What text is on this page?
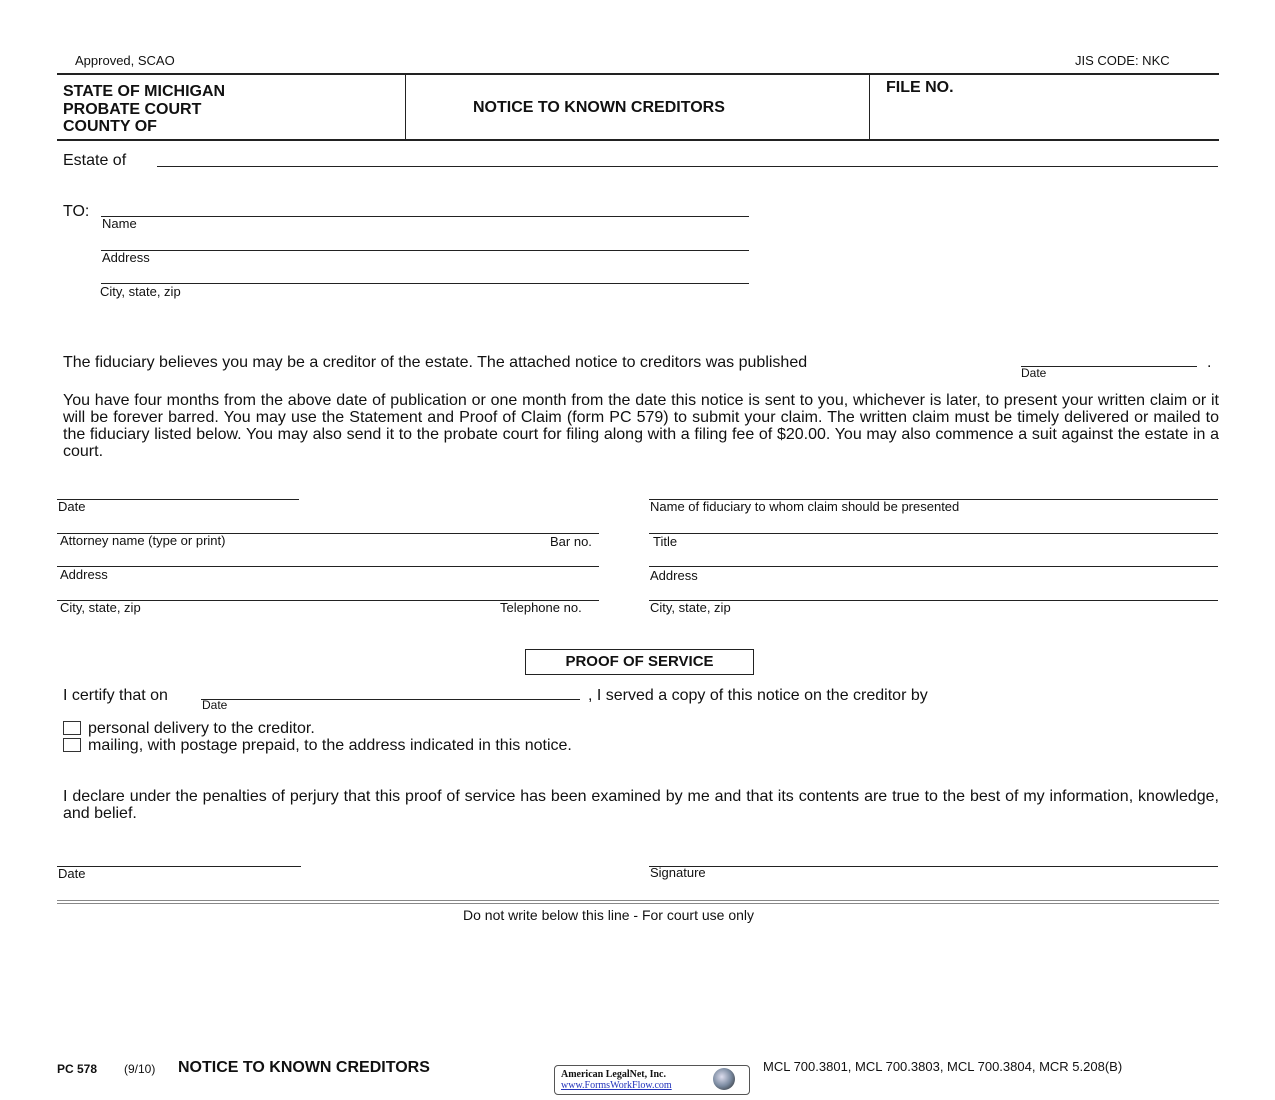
Approved, SCAO	JIS CODE: NKC
STATE OF MICHIGAN
PROBATE COURT
COUNTY OF
NOTICE TO KNOWN CREDITORS
FILE NO.
Estate of
TO:
Name
Address
City, state, zip
The fiduciary believes you may be a creditor of the estate. The attached notice to creditors was published
Date
.
You have four months from the above date of publication or one month from the date this notice is sent to you, whichever is later, to present your written claim or it will be forever barred. You may use the Statement and Proof of Claim (form PC 579) to submit your claim. The written claim must be timely delivered or mailed to the fiduciary listed below. You may also send it to the probate court for filing along with a filing fee of $20.00. You may also commence a suit against the estate in a court.
Date
Attorney name (type or print)	Bar no.
Address
City, state, zip	Telephone no.
Name of fiduciary to whom claim should be presented
Title
Address
City, state, zip
PROOF OF SERVICE
I certify that on
Date
, I served a copy of this notice on the creditor by
personal delivery to the creditor.
mailing, with postage prepaid, to the address indicated in this notice.
I declare under the penalties of perjury that this proof of service has been examined by me and that its contents are true to the best of my information, knowledge, and belief.
Date	Signature
Do not write below this line - For court use only
PC 578 (9/10) NOTICE TO KNOWN CREDITORS	American LegalNet, Inc.
www.FormsWorkFlow.com
MCL 700.3801, MCL 700.3803, MCL 700.3804, MCR 5.208(B)
